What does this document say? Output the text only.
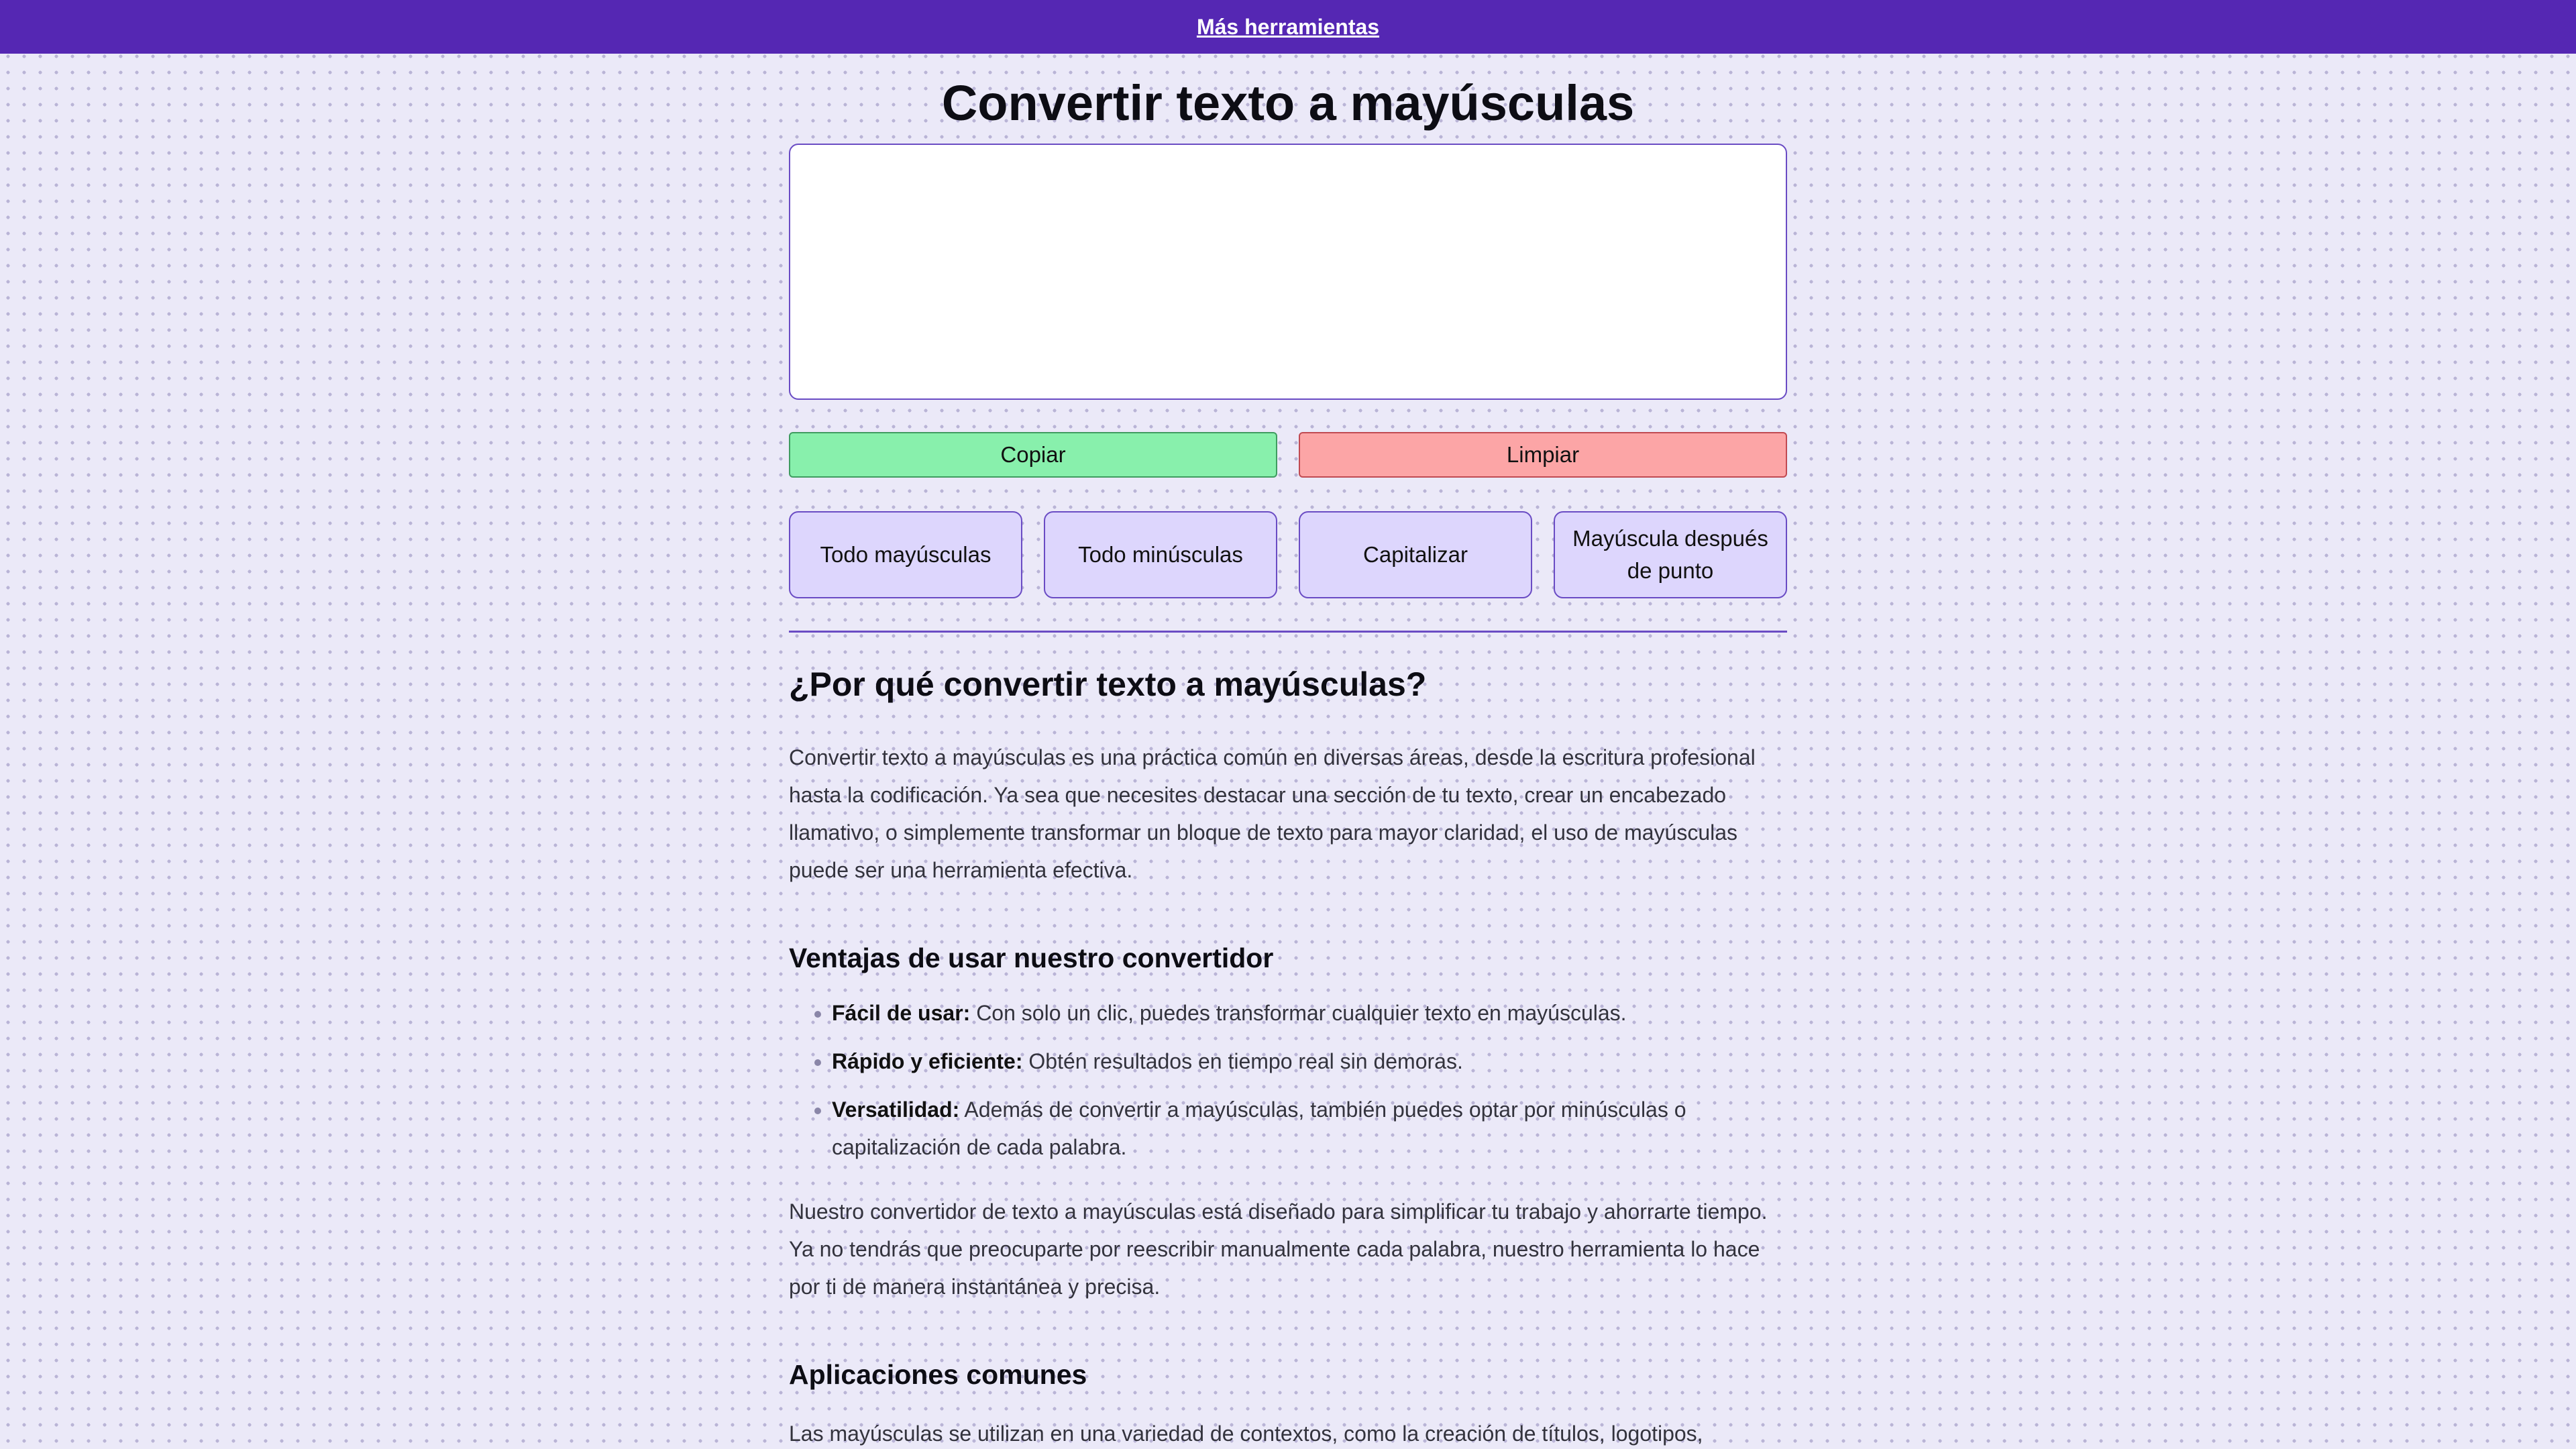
Más herramientas
Convertir texto a mayúsculas
Copiar	Limpiar
Todo mayúsculas	Todo minúsculas	Capitalizar
Mayúscula después de punto
¿Por qué convertir texto a mayúsculas?

Convertir texto a mayúsculas es una práctica común en diversas áreas, desde la escritura profesional hasta la codificación. Ya sea que necesites destacar una sección de tu texto, crear un encabezado llamativo, o simplemente transformar un bloque de texto para mayor claridad, el uso de mayúsculas puede ser una herramienta efectiva.

Ventajas de usar nuestro convertidor
• Fácil de usar: Con solo un clic, puedes transformar cualquier texto en mayúsculas.
• Rápido y eficiente: Obtén resultados en tiempo real sin demoras.
• Versatilidad: Además de convertir a mayúsculas, también puedes optar por minúsculas o capitalización de cada palabra.

Nuestro convertidor de texto a mayúsculas está diseñado para simplificar tu trabajo y ahorrarte tiempo. Ya no tendrás que preocuparte por reescribir manualmente cada palabra, nuestro herramienta lo hace por ti de manera instantánea y precisa.

Aplicaciones comunes

Las mayúsculas se utilizan en una variedad de contextos, como la creación de títulos, logotipos,
